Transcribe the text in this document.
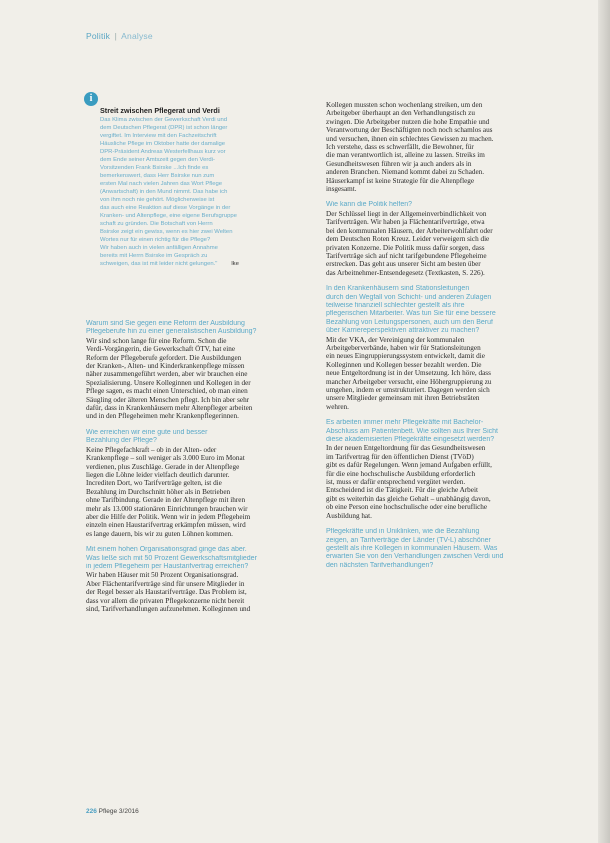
Politik | Analyse
i
Streit zwischen Pflegerat und Verdi
Das Klima zwischen der Gewerkschaft Verdi und
dem Deutschen Pflegerat (DPR) ist schon länger
vergiftet. Im Interview mit den Fachzeitschrift
Häusliche Pflege im Oktober hatte der damalige
DPR-Präsident Andreas Westerfellhaus kurz vor
dem Ende seiner Amtszeit gegen den Verdi-
Vorsitzenden Frank Bsirske ...Ich finde es
bemerkenswert, dass Herr Bsirske nun zum
ersten Mal nach vielen Jahren das Wort Pflege
(Anwartschaft) in den Mund nimmt. Das habe ich
von ihm noch nie gehört. Möglicherweise ist
das auch eine Reaktion auf diese Vorgänge in der
Kranken- und Altenpflege, eine eigene Berufsgruppe
schaft zu gründen. Die Botschaft von Herrn
Bsirske zeigt ein gewiss, wenn es hier zwei Welten
Wortes nur für einen richtig für die Pflege?
Wir haben auch in vielen anfälligen Annahme
bereits mit Herrn Bsirske im Gespräch zu
schweigen, das ist mit leider nicht gelungen." lke
Warum sind Sie gegen eine Reform der Ausbildung
Pflegeberufe hin zu einer generalistischen Ausbildung?
Wir sind schon lange für eine Reform. Schon die
Verdi-Vorgängerin, die Gewerkschaft ÖTV, hat eine
Reform der Pflegeberufe gefordert. Die Ausbildungen
der Kranken-, Alten- und Kinderkrankenpflege müssen
näher zusammengeführt werden, aber wir brauchen eine
Spezialisierung. Unsere Kolleginnen und Kollegen in der
Pflege sagen, es macht einen Unterschied, ob man einen
Säugling oder älteren Menschen pflegt. Ich bin aber sehr
dafür, dass in Krankenhäusern mehr Altenpfleger arbeiten
und in den Pflegeheimen mehr Krankenpflegerinnen.
Wie erreichen wir eine gute und besser
Bezahlung der Pflege?
Keine Pflegefachkraft – ob in der Alten- oder
Krankenpflege – soll weniger als 3.000 Euro im Monat
verdienen, plus Zuschläge. Gerade in der Altenpflege
liegen die Löhne leider vielfach deutlich darunter.
Increditen Dort, wo Tarifverträge gelten, ist die
Bezahlung im Durchschnitt höher als in Betrieben
ohne Tarifbindung. Gerade in der Altenpflege mit ihren
mehr als 13.000 stationären Einrichtungen brauchen wir
aber die Hilfe der Politik. Wenn wir in jedem Pflegeheim
einzeln einen Haustarifvertrag erkämpfen müssen, wird
es lange dauern, bis wir zu guten Löhnen kommen.
Mit einem hohen Organisationsgrad ginge das aber.
Was ließe sich mit 50 Prozent Gewerkschaftsmitglieder
in jedem Pflegeheim per Haustarifvertrag erreichen?
Wir haben Häuser mit 50 Prozent Organisationsgrad.
Aber Flächentarifverträge sind für unsere Mitglieder in
der Regel besser als Haustarifverträge. Das Problem ist,
dass vor allem die privaten Pflegekonzerne nicht bereit
sind, Tarifverhandlungen aufzunehmen. Kolleginnen und
Kollegen mussten schon wochenlang streiken, um den
Arbeitgeber überhaupt an den Verhandlungstisch zu
zwingen. Die Arbeitgeber nutzen die hohe Empathie und
Verantwortung der Beschäftigten noch noch schamlos aus
und versuchen, ihnen ein schlechtes Gewissen zu machen.
Ich verstehe, dass es schwerfällt, die Bewohner, für
die man verantwortlich ist, alleine zu lassen. Streiks im
Gesundheitswesen führen wir ja auch anders als in
anderen Branchen. Niemand kommt dabei zu Schaden.
Häuserkampf ist keine Strategie für die Altenpflege
insgesamt.
Wie kann die Politik helfen?
Der Schlüssel liegt in der Allgemeinverbindlichkeit von
Tarifverträgen. Wir haben ja Flächentarifverträge, etwa
bei den kommunalen Häusern, der Arbeiterwohlfahrt oder
dem Deutschen Roten Kreuz. Leider verweigern sich die
privaten Konzerne. Die Politik muss dafür sorgen, dass
Tarifverträge sich auf nicht tarifgebundene Pflegeheime
erstrecken. Das geht aus unserer Sicht am besten über
das Arbeitnehmer-Entsendegesetz (Textkasten, S. 226).
In den Krankenhäusern sind Stationsleitungen
durch den Wegfall von Schicht- und anderen Zulagen
teilweise finanziell schlechter gestellt als ihre
pflegerischen Mitarbeiter. Was tun Sie für eine bessere
Bezahlung von Leitungspersonen, auch um den Beruf
über Karriereperspektiven attraktiver zu machen?
Mit der VKA, der Vereinigung der kommunalen
Arbeitgeberverbände, haben wir für Stationsleitungen
ein neues Eingruppierungssystem entwickelt, damit die
Kolleginnen und Kollegen besser bezahlt werden. Die
neue Entgeltordnung ist in der Umsetzung. Ich höre, dass
mancher Arbeitgeber versucht, eine Höhergruppierung zu
umgehen, indem er umstrukturiert. Dagegen werden sich
unsere Mitglieder gemeinsam mit ihren Betriebsräten
wehren.
Es arbeiten immer mehr Pflegekräfte mit Bachelor-
Abschluss am Patientenbett. Wie sollten aus Ihrer Sicht
diese akademisierten Pflegekräfte eingesetzt werden?
In der neuen Entgeltordnung für das Gesundheitswesen
im Tarifvertrag für den öffentlichen Dienst (TVöD)
gibt es dafür Regelungen. Wenn jemand Aufgaben erfüllt,
für die eine hochschulische Ausbildung erforderlich
ist, muss er dafür entsprechend vergütet werden.
Entscheidend ist die Tätigkeit. Für die gleiche Arbeit
gibt es weiterhin das gleiche Gehalt – unabhängig davon,
ob eine Person eine hochschulische oder eine berufliche
Ausbildung hat.
Pflegekräfte und in Uniklinken, wie die Bezahlung
zeigen, an Tarifverträge der Länder (TV-L) abschöner
gestellt als ihre Kollegen in kommunalen Häusern. Was
erwarten Sie von den Verhandlungen zwischen Verdi und
den nächsten Tarifverhandlungen?
226 Pflege 3/2016
